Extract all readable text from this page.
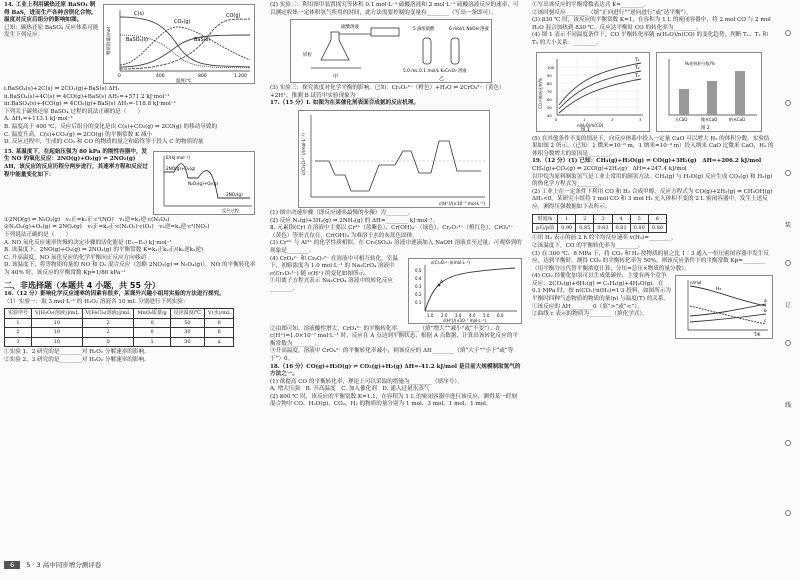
14. 工业上利用碳热还原 BaSO₄ 制得 BaS，进而生产各种含钡化合物。温度对反应后组分的影响如图。

已知：碳热还原 BaSO₄ 反应体系可能发生下列反应：

C(s)
CO₂(g)
BaS(s)
BaSO₄(s)
CO(g)
0	400	800	1 200
温度/℃
物质的量/mol

ⅰ.BaSO₄(s)+2C(s) ⇌ 2CO₂(g)+BaS(s) ΔH₁

ⅱ.BaSO₄(s)+4C(s) ⇌ 4CO(g)+BaS(s) ΔH₂=+571.2 kJ·mol⁻¹

ⅲ.BaSO₄(s)+4CO(g) ⇌ 4CO₂(g)+BaS(s) ΔH₃=-118.8 kJ·mol⁻¹

下列关于碳热还原 BaSO₄ 过程的说法正确的是（　　）

A. ΔH₁=+113.1 kJ·mol⁻¹

B. 温度高于 400 ℃，反应后组分的变化是由 C(s)+CO₂(g) ⇌ 2CO(g) 的移动导致的

C. 温度升高，C(s)+CO₂(g) ⇌ 2CO(g) 的平衡常数 K 减小

D. 反应过程中，生成的 CO₂ 和 CO 的物质的量之和始终等于投入 C 的物质的量

15. 某温度下，在起始压强为 80 kPa 的刚性容器中，发生 NO 的氧化反应：2NO(g)+O₂(g) ⇌ 2NO₂(g) ΔH，该反应的反应历程分两步进行，其速率方程和反应过程中能量变化如下：

2NO(g)+O₂(g)
N₂O₂(g)+O₂(g)
2NO₂(g)
E/(kJ·mol⁻¹)
反应过程

①2NO(g) ⇌ N₂O₂(g)　v₁正=k₁正·c²(NO)　v₁逆=k₁逆·c(N₂O₂)

②N₂O₂(g)+O₂(g) ⇌ 2NO₂(g)　v₂正=k₂正·c(N₂O₂)·c(O₂)　v₂逆=k₂逆·c²(NO₂)

下列说法正确的是（　　）

A. NO 氧化反应速率快慢的决定步骤的活化能是 (E₅−E₃) kJ·mol⁻¹

B. 该温度下，2NO(g)+O₂(g) ⇌ 2NO₂(g) 的平衡常数 K=k₁正k₂正/(k₁逆k₂逆)

C. 升高温度，NO 氧化反应的化学平衡向正反应方向移动

D. 该温度下，将等物质的量的 NO 和 O₂ 混合反应（忽略 2NO₂(g) ⇌ N₂O₄(g)），NO 的平衡转化率为 40% 时，该反应的平衡常数 Kp=1/80 kPa⁻¹

二、非选择题（本题共 4 小题，共 55 分）

16.（12 分）影响化学反应速率的因素有很多，某课外兴趣小组用实验的方法进行探究。

（1）实验一：取 3 mol·L⁻¹ 的 H₂O₂ 溶液各 10 mL 分别进行下列实验：

实验序号	V[H₂O₂(溶液)]/mL	V[FeCl₃(溶液)]/mL	MnO₂质量/g	反应温度/℃	V(水)/mL
1	10	2	0	50	8
2	10	2	0	30	8
3	10	0	1	30	a

①实验 1、2 研究的是________对 H₂O₂ 分解速率的影响。

②实验 2、3 研究的是________对 H₂O₂ 分解速率的影响。

(2) 实验二：利用图甲装置探究等体积 0.1 mol·L⁻¹ 硫酸溶液和 2 mol·L⁻¹ 硫酸溶液反应的速率，可以测定收集一定体积氢气所用的时间，此方法需要控制的变量有________（写出一条即可）。

硫酸溶液
锌粒
甲
5 滴浓硫酸	6 mol/L NaOH 溶液
5.0 mL 0.1 mol/L K₂Cr₂O₇ 溶液
乙

(3) 实验三：探究浓度对化学平衡的影响。已知：Cr₂O₇²⁻（橙色）+H₂O ⇌ 2CrO₄²⁻（黄色）+2H⁺，推测 B 试管中实验现象为________。

17.（15 分）Ⅰ. 如图为在某催化剂表面合成氨的反应机理。

c(H⁺)/(×10⁻⁷ mol·L⁻¹)
c(Cr₂O₇²⁻)/(mol·L⁻¹)

(1) 图中决速步骤（即反应速率最慢的步骤）为________。

(2) 反应 N₂(g)+3H₂(g) ⇌ 2NH₃(g) 的 ΔH=________ kJ·mol⁻¹。

Ⅱ. 元素铬(Cr) 在溶液中主要以 Cr³⁺（蓝紫色）、Cr(OH)₄⁻（绿色）、Cr₂O₇²⁻（橙红色）、CrO₄²⁻（黄色）等形式存在，Cr(OH)₃ 为难溶于水的灰蓝色固体。

(3) Cr³⁺ 与 Al³⁺ 的化学性质相似，在 Cr₂(SO₄)₃ 溶液中逐滴加入 NaOH 溶液直至过量，可观察到的现象是________。

(4) CrO₄²⁻ 和 Cr₂O₇²⁻ 在溶液中可相互转化。室温下，初始浓度为 1.0 mol·L⁻¹ 的 Na₂CrO₄ 溶液中 c(Cr₂O₇²⁻) 随 c(H⁺) 的变化如图所示。

①用离子方程式表示 Na₂CrO₄ 溶液中的转化反应________。

A
1.0 2.0 3.0 4.0 5.0 6.0
0.1
0.2
0.3
0.4
0.5
c(Cr₂O₇²⁻)/(mol·L⁻¹)
c(H⁺)/(×10⁻⁷ mol·L⁻¹)

②由图可知，溶液酸性增大，CrO₄²⁻ 的平衡转化率________（填“增大”“减小”或“不变”）。在 c(H⁺)=1.0×10⁻⁷ mol·L⁻¹ 时，反应在 A 点达到平衡状态，根据 A 点数据，计算出该转化反应的平衡常数为________。

③升高温度，溶液中 CrO₄²⁻ 的平衡转化率减小，则该反应的 ΔH________（填“大于”“小于”或“等于”）0。

18.（16 分）CO(g)+H₂O(g) ⇌ CO₂(g)+H₂(g) ΔH=-41.2 kJ/mol 是目前大规模制取氢气的方法之一。

(1) 欲提高 CO 的平衡转化率，理论上可以采取的措施为________（填序号）。

A. 增大压强　B. 升高温度　C. 加入催化剂　D. 通入过量水蒸气

(2) 800 ℃ 时，该反应的平衡常数 K=1.1，在容积为 1 L 的密闭容器中进行该反应，测得某一时刻混合物中 CO、H₂O(g)、CO₂、H₂ 的物质的量分别为 1 mol、3 mol、1 mol、1 mol。

①写出该反应的平衡常数表达式 K=________。

②该时刻反应________（填“正向进行”“逆向进行”或“达平衡”）。

(3) 830 ℃ 时，该反应的平衡常数 K=1，在容积为 1 L 的密闭容器中，将 2 mol CO 与 2 mol H₂O 混合加热到 830 ℃。反应达平衡时 CO 的转化率为________。

(4) 图 1 表示不同温度条件下，CO 平衡转化率随 n(H₂O)/n(CO) 的变化趋势，判断 T₁、T₂ 和 T₃ 的大小关系：________。

T₁
T₂
T₃
100
90
80
70
60
50
40
0	1	2	3
n(H₂O)/n(CO)
CO平衡转化率/%
图 1
无CaO	微米CaO	纳米CaO
H₂的体积分数/%
图 2

(5) 在其他条件不变的情况下，向反应体系中投入一定量 CaO 可以增大 H₂ 的体积分数，实验结果如图 2 所示。（已知：1 微米=10⁻⁶ m，1 纳米=10⁻⁹ m）投入纳米 CaO 比微米 CaO，H₂ 的体积分数增大的原因是________。

19.（12 分）(1) 已知：CH₄(g)+H₂O(g) ⇌ CO(g)+3H₂(g)　ΔH=+206.2 kJ/mol

CH₄(g)+CO₂(g) ⇌ 2CO(g)+2H₂(g)　ΔH=+247.4 kJ/mol

以甲烷为原料制取氢气是工业上常用的制氢方法。CH₄(g) 与 H₂O(g) 反应生成 CO₂(g) 和 H₂(g) 的热化学方程式为________。

(2) 工业上在一定条件下利用 CO 和 H₂ 合成甲醇，反应方程式为 CO(g)+2H₂(g) ⇌ CH₃OH(g) ΔH₁<0。某研究小组将 1 mol CO 和 3 mol H₂ 充入体积不变的 2 L 密闭容器中，发生上述反应，测得压强数据如下表所示。

时间/h	1	2	3	4	5	6
p后/p前	0.90	0.85	0.83	0.81	0.80	0.80

①用 H₂ 表示的前 2 h 的平均反应速率 v(H₂)=________。

②该温度下，CO 的平衡转化率为________。

(3) 在 300 ℃、8 MPa 下，将 CO₂ 和 H₂ 按物质的量之比 1∶3 通入一恒压密闭容器中发生反应，达到平衡时，测得 CO₂ 的平衡转化率为 50%，则该反应条件下的平衡常数 Kp=________（用平衡分压代替平衡浓度计算，分压=总压×物质的量分数）。

(4) CO₂ 经催化加氢可以生成低碳烃，主要有两个竞争反应：2CO₂(g)+6H₂(g) ⇌ C₂H₄(g)+4H₂O(g)。在 0.1 MPa 时，按 n(CO₂)∶n(H₂)=1∶3 投料，如图所示为平衡时四种气态物质的物质的量(n) 与温度(T) 的关系。

①该反应的 ΔH________0（填“>”或“<”）。

②曲线 c 表示的物质为________（填化学式）。

H₂
a
b
c
n/mol
T/K
装
订
线
6 5 · 3 高中同步增分测评卷
